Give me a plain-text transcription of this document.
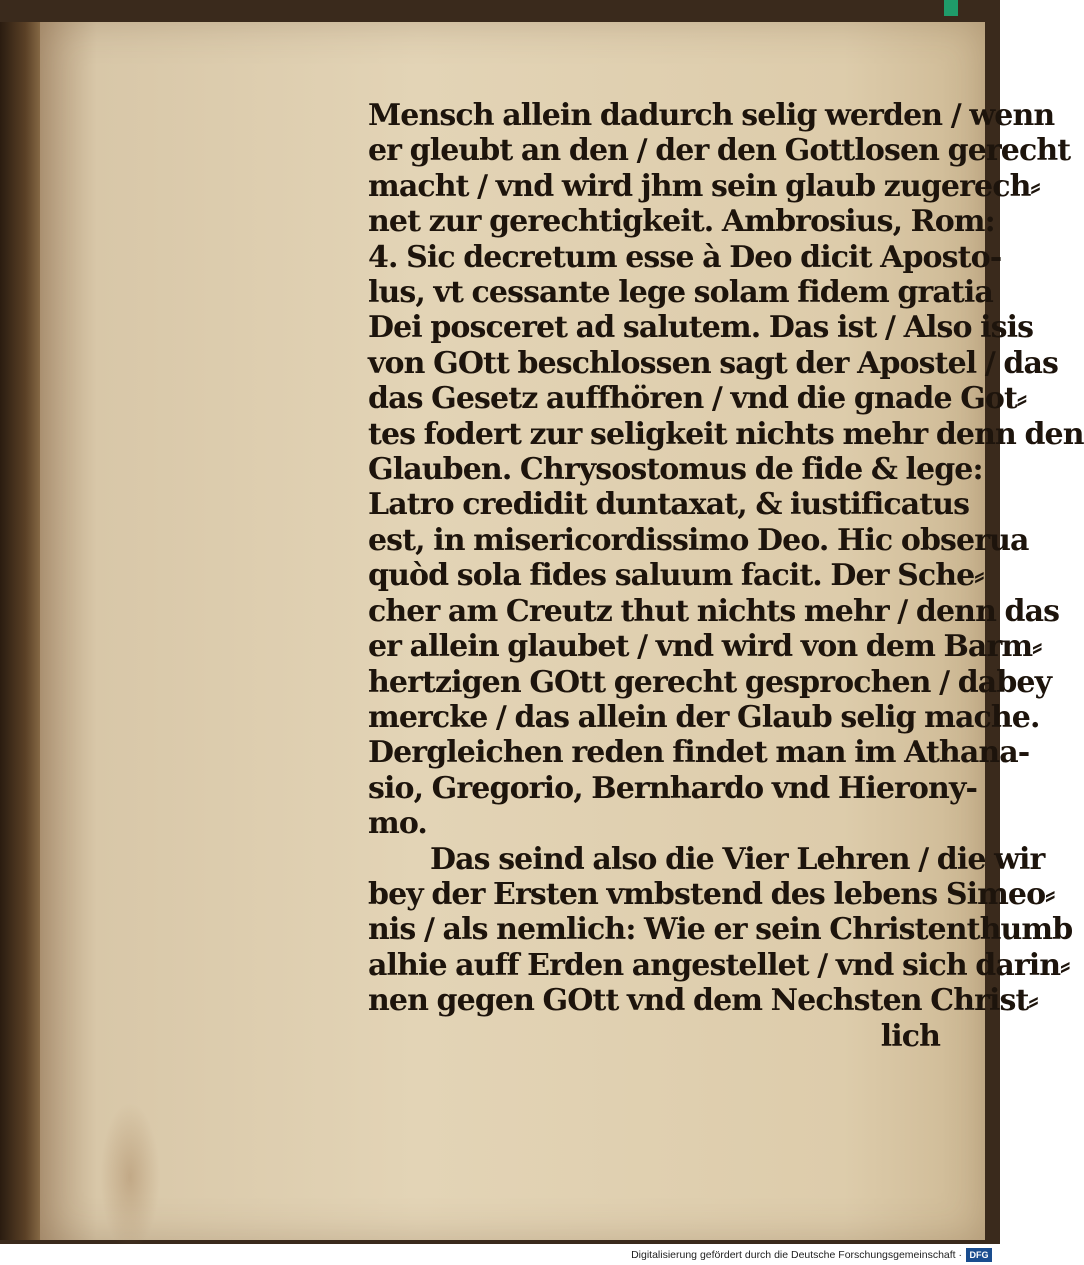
Mensch allein dadurch selig werden / wenn
er gleubt an den / der den Gottlosen gerecht
macht / vnd wird jhm sein glaub zugerech⸗
net zur gerechtigkeit. Ambrosius, Rom:
4. Sic decretum esse à Deo dicit Aposto-
lus, vt cessante lege solam fidem gratia
Dei posceret ad salutem. Das ist / Also isis
von GOtt beschlossen sagt der Apostel / das
das Gesetz auffhören / vnd die gnade Got⸗
tes fodert zur seligkeit nichts mehr denn den
Glauben. Chrysostomus de fide & lege:
Latro credidit duntaxat, & iustificatus
est, in misericordissimo Deo. Hic obserua
quòd sola fides saluum facit. Der Sche⸗
cher am Creutz thut nichts mehr / denn das
er allein glaubet / vnd wird von dem Barm⸗
hertzigen GOtt gerecht gesprochen / dabey
mercke / das allein der Glaub selig mache.
Dergleichen reden findet man im Athana-
sio, Gregorio, Bernhardo vnd Hierony-
mo.
Das seind also die Vier Lehren / die wir
bey der Ersten vmbstend des lebens Simeo⸗
nis / als nemlich: Wie er sein Christenthumb
alhie auff Erden angestellet / vnd sich darin⸗
nen gegen GOtt vnd dem Nechsten Christ⸗
lich
Digitalisierung gefördert durch die Deutsche Forschungsgemeinschaft · DFG
